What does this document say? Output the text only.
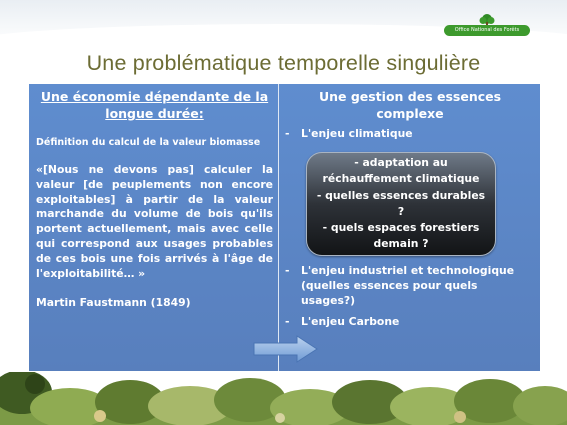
Office National des Forêts
Une problématique temporelle singulière

Une économie dépendante de la
longue durée:

Définition du calcul de la valeur biomasse
«[Nous ne devons pas] calculer la valeur [de peuplements non encore exploitables] à partir de la valeur marchande du volume de bois qu'ils portent actuellement, mais avec celle qui correspond aux usages probables de ces bois une fois arrivés à l'âge de l'exploitabilité… »
Martin Faustmann (1849)

Une gestion des essences complexe

-	L'enjeu climatique
-	L'enjeu industriel et technologique
(quelles essences pour quels usages?)
-	L'enjeu Carbone
- adaptation au
réchauffement climatique
- quelles essences durables
?
- quels espaces forestiers
demain ?
